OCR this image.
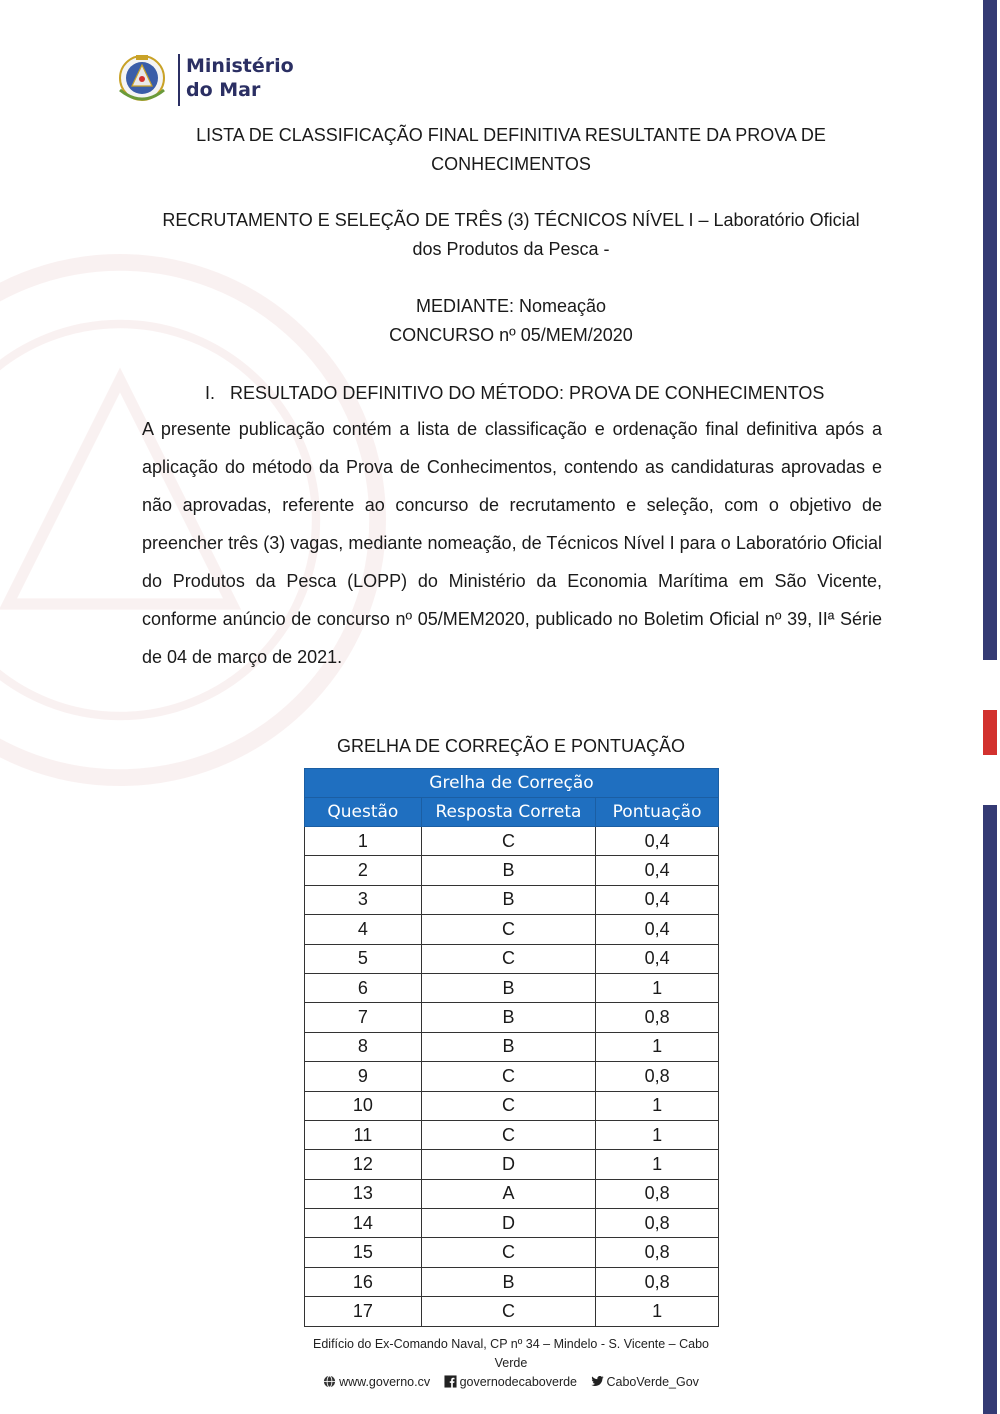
Ministério
do Mar
LISTA DE CLASSIFICAÇÃO FINAL DEFINITIVA RESULTANTE DA PROVA DE
CONHECIMENTOS
RECRUTAMENTO E SELEÇÃO DE TRÊS (3) TÉCNICOS NÍVEL I – Laboratório Oficial
dos Produtos da Pesca -
MEDIANTE: Nomeação
CONCURSO nº 05/MEM/2020
I. RESULTADO DEFINITIVO DO MÉTODO: PROVA DE CONHECIMENTOS
A presente publicação contém a lista de classificação e ordenação final definitiva após a aplicação do método da Prova de Conhecimentos, contendo as candidaturas aprovadas e não aprovadas, referente ao concurso de recrutamento e seleção, com o objetivo de preencher três (3) vagas, mediante nomeação, de Técnicos Nível I para o Laboratório Oficial do Produtos da Pesca (LOPP) do Ministério da Economia Marítima em São Vicente, conforme anúncio de concurso nº 05/MEM2020, publicado no Boletim Oficial nº 39, IIª Série de 04 de março de 2021.
GRELHA DE CORREÇÃO E PONTUAÇÃO
Grelha de Correção		
Questão	Resposta Correta	Pontuação
1	C	0,4
2	B	0,4
3	B	0,4
4	C	0,4
5	C	0,4
6	B	1
7	B	0,8
8	B	1
9	C	0,8
10	C	1
11	C	1
12	D	1
13	A	0,8
14	D	0,8
15	C	0,8
16	B	0,8
17	C	1
Edifício do Ex-Comando Naval, CP nº 34 – Mindelo - S. Vicente – Cabo Verde
www.governo.cv governodecaboverde CaboVerde_Gov
